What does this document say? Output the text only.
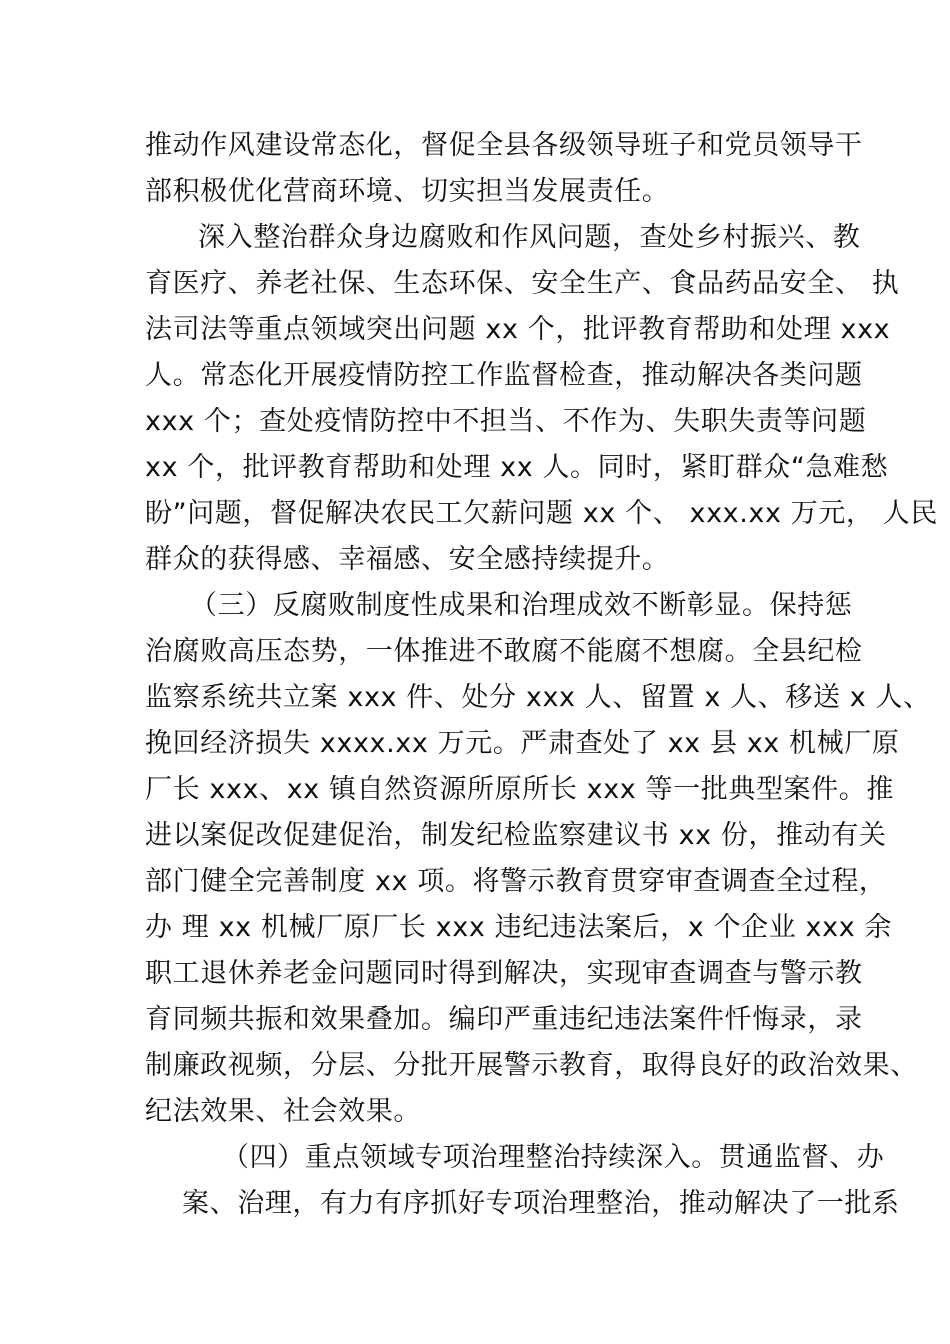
推动作风建设常态化，督促全县各级领导班子和党员领导干
部积极优化营商环境、切实担当发展责任。
深入整治群众身边腐败和作风问题，查处乡村振兴、教
育医疗、养老社保、生态环保、安全生产、食品药品安全、 执
法司法等重点领域突出问题 xx 个，批评教育帮助和处理 xxx
人。常态化开展疫情防控工作监督检查，推动解决各类问题
xxx 个；查处疫情防控中不担当、不作为、失职失责等问题
xx 个，批评教育帮助和处理 xx 人。同时，紧盯群众“急难愁
盼”问题，督促解决农民工欠薪问题 xx 个、 xxx.xx 万元， 人民
群众的获得感、幸福感、安全感持续提升。
（三）反腐败制度性成果和治理成效不断彰显。保持惩
治腐败高压态势，一体推进不敢腐不能腐不想腐。全县纪检
监察系统共立案 xxx 件、处分 xxx 人、留置 x 人、移送 x 人、
挽回经济损失 xxxx.xx 万元。严肃查处了 xx 县 xx 机械厂原
厂长 xxx、xx 镇自然资源所原所长 xxx 等一批典型案件。推
进以案促改促建促治，制发纪检监察建议书 xx 份，推动有关
部门健全完善制度 xx 项。将警示教育贯穿审查调查全过程，
办 理 xx 机械厂原厂长 xxx 违纪违法案后，x 个企业 xxx 余
职工退休养老金问题同时得到解决，实现审查调查与警示教
育同频共振和效果叠加。编印严重违纪违法案件忏悔录，录
制廉政视频，分层、分批开展警示教育，取得良好的政治效果、
纪法效果、社会效果。
（四）重点领域专项治理整治持续深入。贯通监督、办
案、治理，有力有序抓好专项治理整治，推动解决了一批系
